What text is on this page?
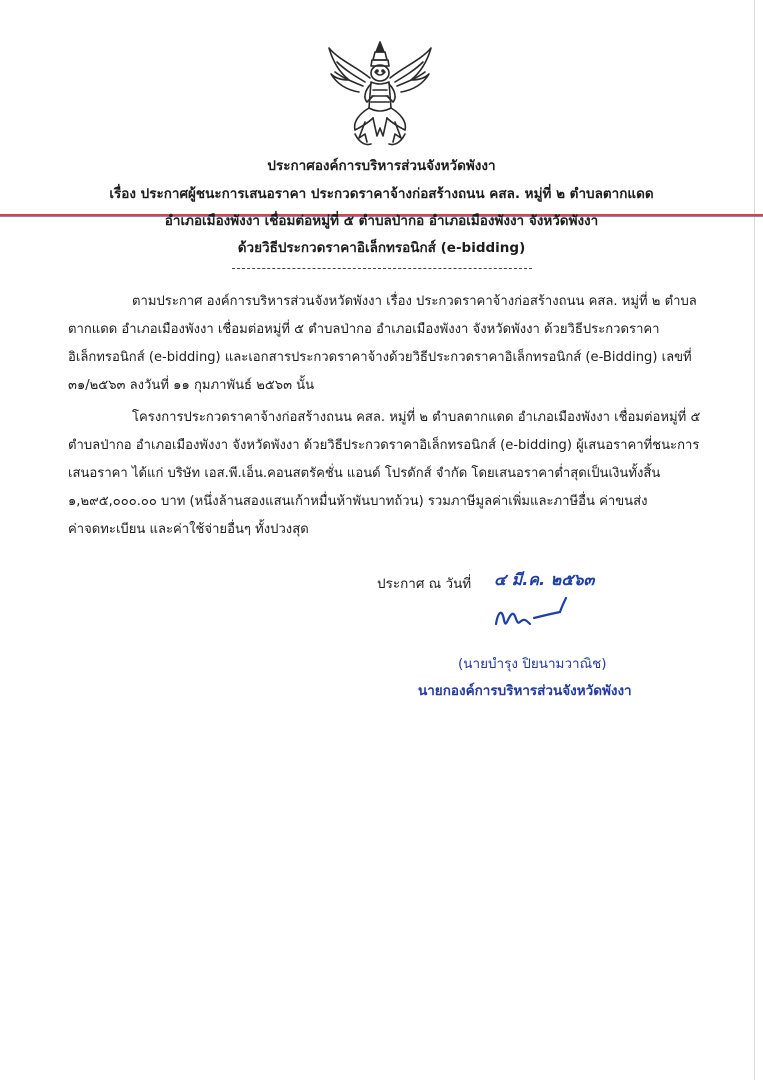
ประกาศองค์การบริหารส่วนจังหวัดพังงา
เรื่อง ประกาศผู้ชนะการเสนอราคา ประกวดราคาจ้างก่อสร้างถนน คสล. หมู่ที่ ๒ ตำบลตากแดด
อำเภอเมืองพังงา เชื่อมต่อหมู่ที่ ๕ ตำบลป่ากอ อำเภอเมืองพังงา จังหวัดพังงา
ด้วยวิธีประกวดราคาอิเล็กทรอนิกส์ (e-bidding)
ตามประกาศ องค์การบริหารส่วนจังหวัดพังงา เรื่อง ประกวดราคาจ้างก่อสร้างถนน คสล. หมู่ที่ ๒ ตำบล
ตากแดด อำเภอเมืองพังงา เชื่อมต่อหมู่ที่ ๕ ตำบลป่ากอ อำเภอเมืองพังงา จังหวัดพังงา ด้วยวิธีประกวดราคา
อิเล็กทรอนิกส์ (e-bidding) และเอกสารประกวดราคาจ้างด้วยวิธีประกวดราคาอิเล็กทรอนิกส์ (e-Bidding) เลขที่
๓๑/๒๕๖๓ ลงวันที่ ๑๑ กุมภาพันธ์ ๒๕๖๓ นั้น
โครงการประกวดราคาจ้างก่อสร้างถนน คสล. หมู่ที่ ๒ ตำบลตากแดด อำเภอเมืองพังงา เชื่อมต่อหมู่ที่ ๕
ตำบลป่ากอ อำเภอเมืองพังงา จังหวัดพังงา ด้วยวิธีประกวดราคาอิเล็กทรอนิกส์ (e-bidding) ผู้เสนอราคาที่ชนะการ
เสนอราคา ได้แก่ บริษัท เอส.พี.เอ็น.คอนสตรัคชั่น แอนด์ โปรดักส์ จำกัด โดยเสนอราคาต่ำสุดเป็นเงินทั้งสิ้น
๑,๒๙๕,๐๐๐.๐๐ บาท (หนึ่งล้านสองแสนเก้าหมื่นห้าพันบาทถ้วน) รวมภาษีมูลค่าเพิ่มและภาษีอื่น ค่าขนส่ง
ค่าจดทะเบียน และค่าใช้จ่ายอื่นๆ ทั้งปวงสุด
ประกาศ ณ วันที่ ๔ มี.ค. ๒๕๖๓
(นายบำรุง ปิยนามวาณิช)
นายกองค์การบริหารส่วนจังหวัดพังงา
